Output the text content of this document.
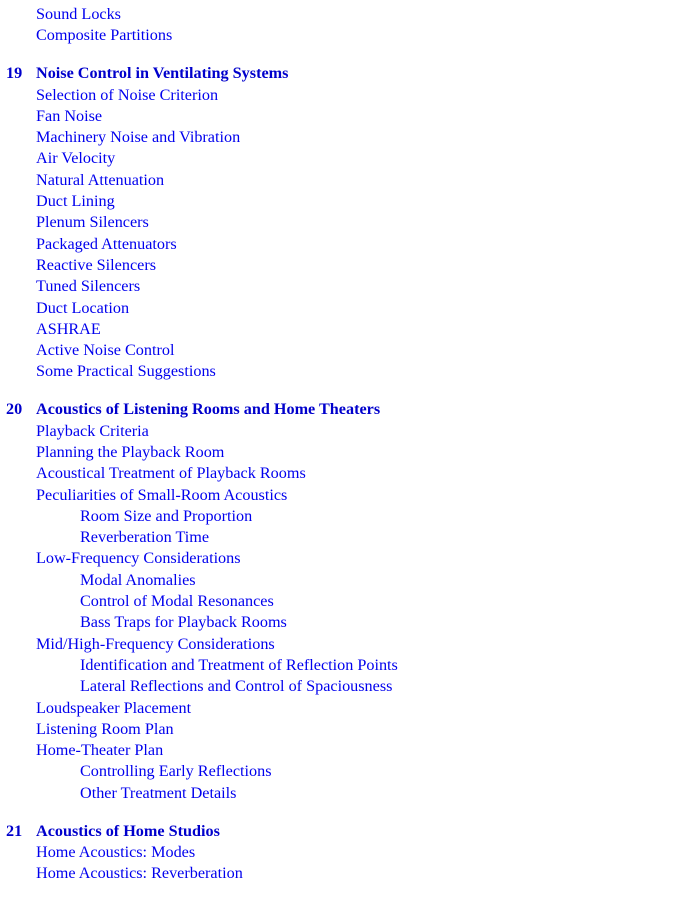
Sound Locks
Composite Partitions
19 Noise Control in Ventilating Systems
Selection of Noise Criterion
Fan Noise
Machinery Noise and Vibration
Air Velocity
Natural Attenuation
Duct Lining
Plenum Silencers
Packaged Attenuators
Reactive Silencers
Tuned Silencers
Duct Location
ASHRAE
Active Noise Control
Some Practical Suggestions
20 Acoustics of Listening Rooms and Home Theaters
Playback Criteria
Planning the Playback Room
Acoustical Treatment of Playback Rooms
Peculiarities of Small-Room Acoustics
Room Size and Proportion
Reverberation Time
Low-Frequency Considerations
Modal Anomalies
Control of Modal Resonances
Bass Traps for Playback Rooms
Mid/High-Frequency Considerations
Identification and Treatment of Reflection Points
Lateral Reflections and Control of Spaciousness
Loudspeaker Placement
Listening Room Plan
Home-Theater Plan
Controlling Early Reflections
Other Treatment Details
21 Acoustics of Home Studios
Home Acoustics: Modes
Home Acoustics: Reverberation
